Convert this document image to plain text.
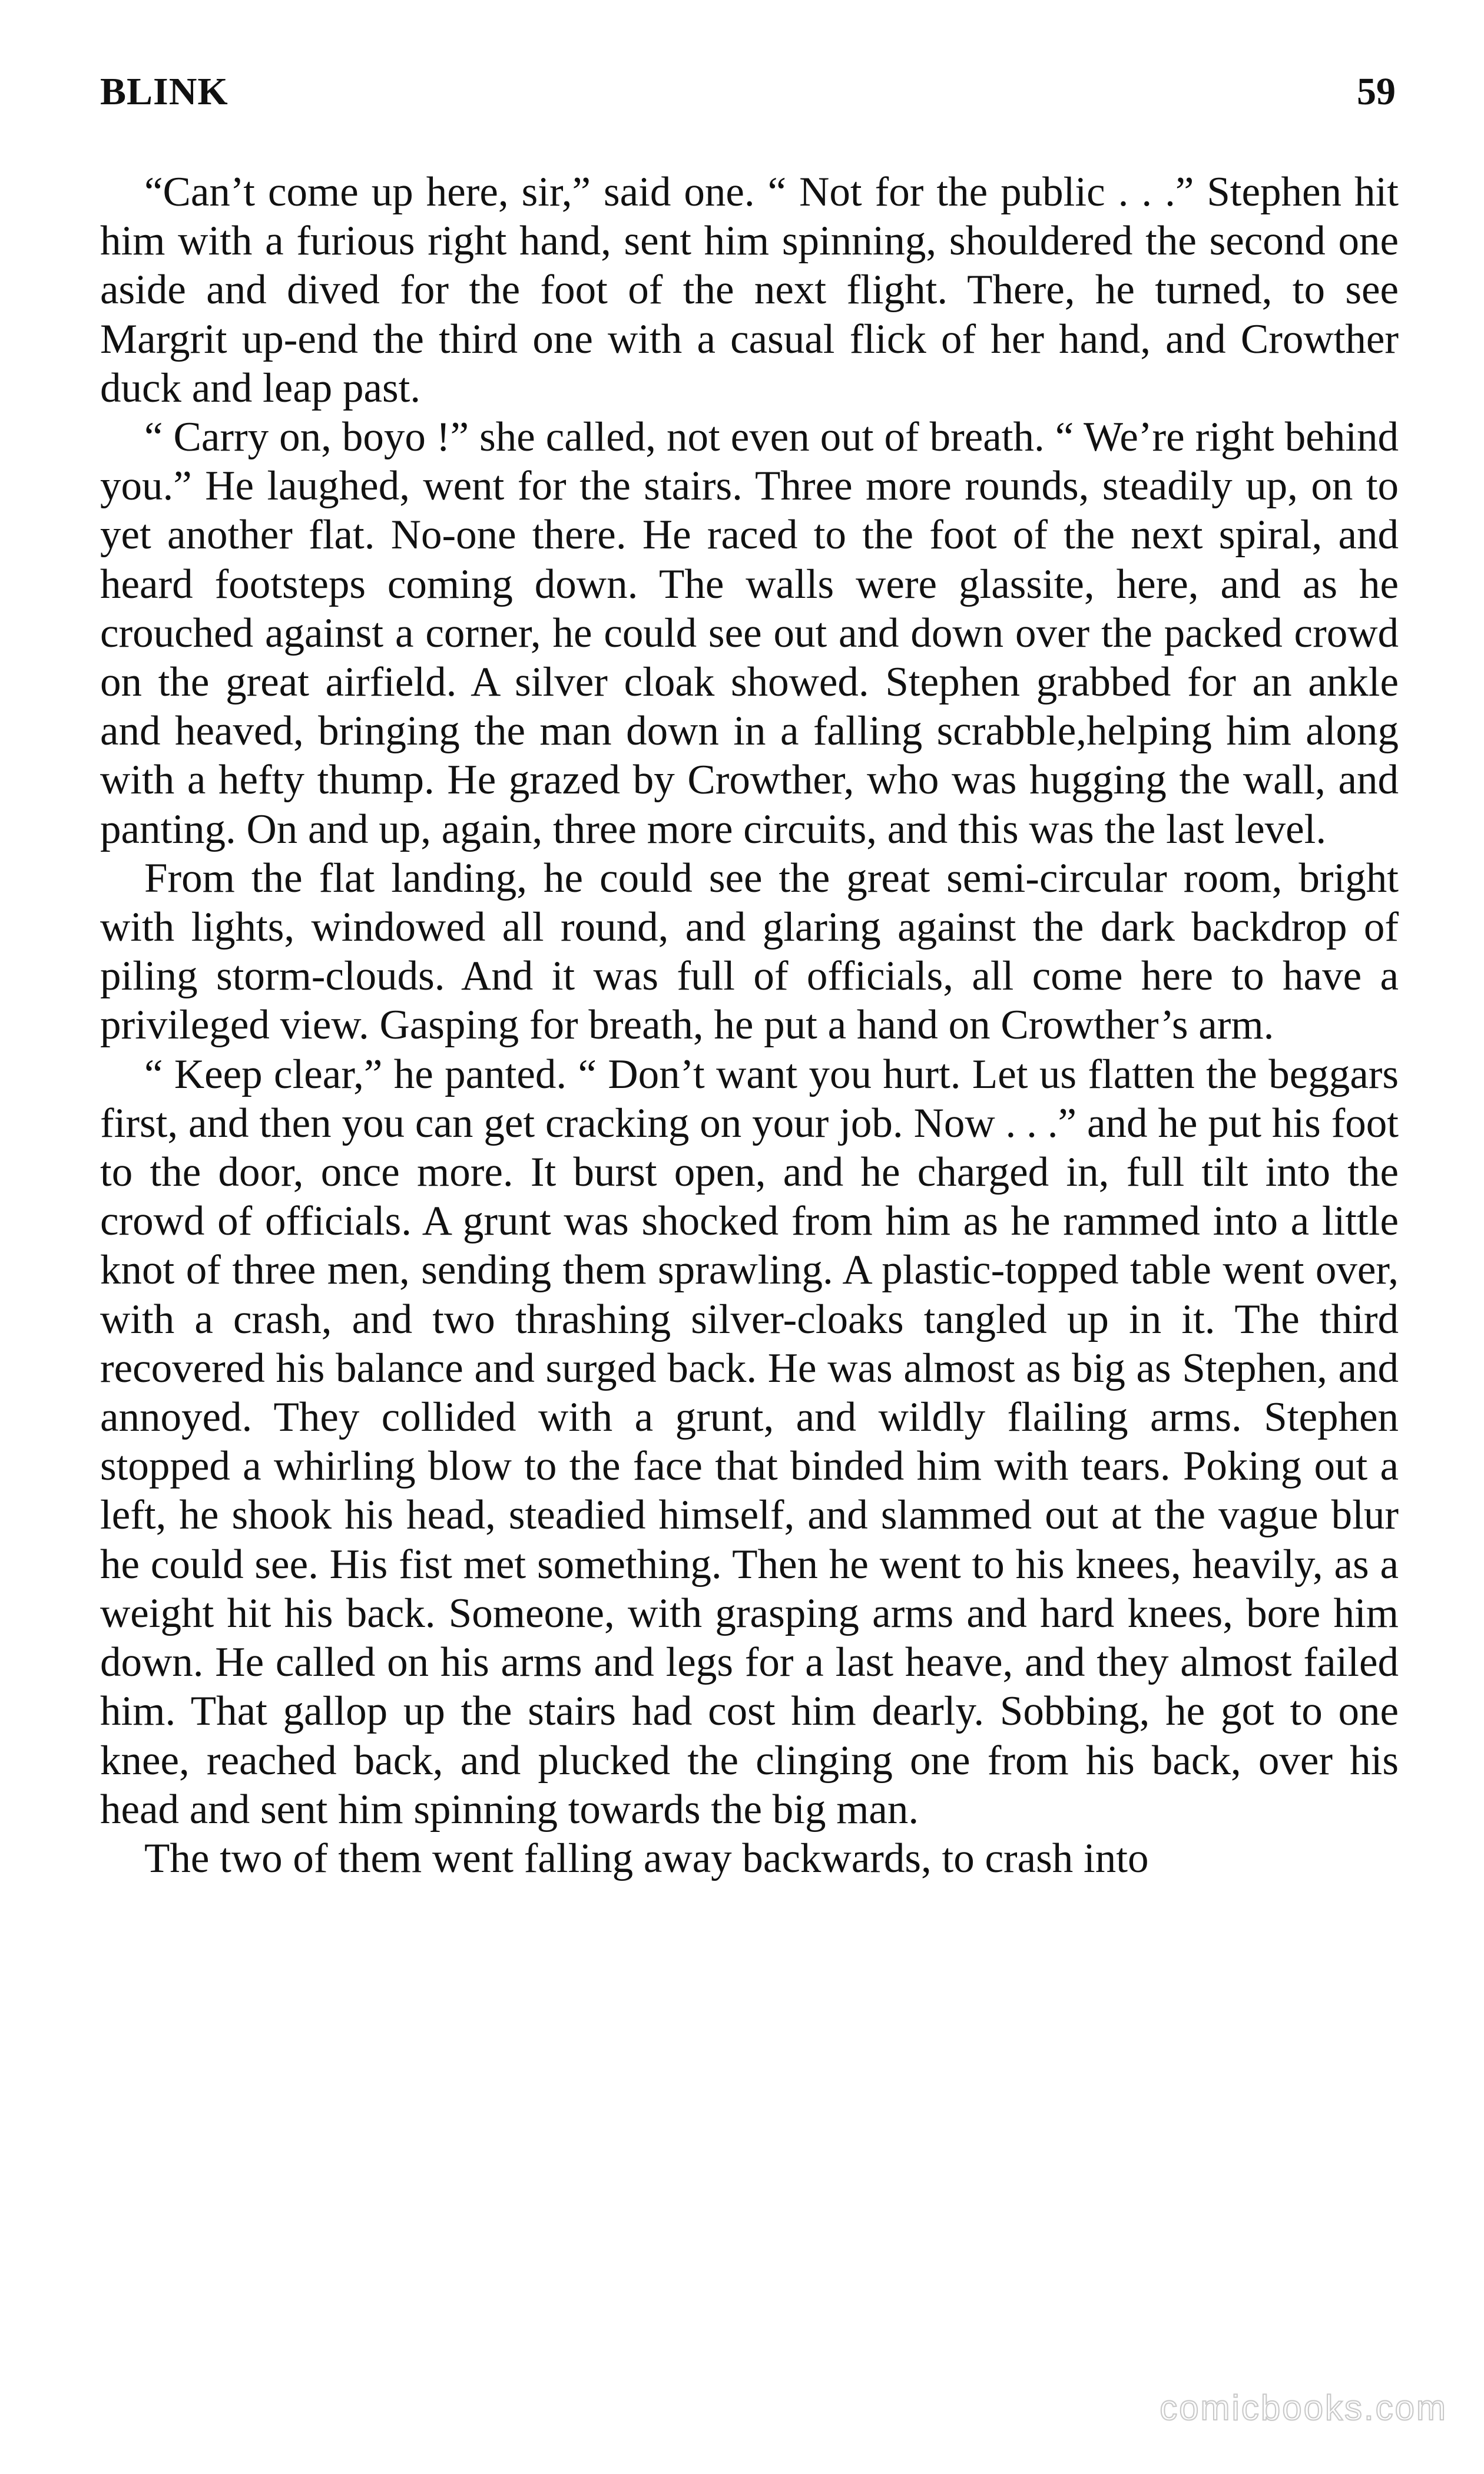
BLINK	59

“Can’t come up here, sir,” said one. “ Not for the public . . .” Stephen hit him with a furious right hand, sent him spinning, shouldered the second one aside and dived for the foot of the next flight. There, he turned, to see Margrit up-end the third one with a casual flick of her hand, and Crowther duck and leap past.

“ Carry on, boyo !” she called, not even out of breath. “ We’re right behind you.” He laughed, went for the stairs. Three more rounds, steadily up, on to yet another flat. No-one there. He raced to the foot of the next spiral, and heard footsteps coming down. The walls were glassite, here, and as he crouched against a corner, he could see out and down over the packed crowd on the great airfield. A silver cloak showed. Stephen grabbed for an ankle and heaved, bringing the man down in a falling scrabble,helping him along with a hefty thump. He grazed by Crowther, who was hugging the wall, and panting. On and up, again, three more circuits, and this was the last level.

From the flat landing, he could see the great semi-circular room, bright with lights, windowed all round, and glaring against the dark backdrop of piling storm-clouds. And it was full of officials, all come here to have a privileged view. Gasping for breath, he put a hand on Crowther’s arm.

“ Keep clear,” he panted. “ Don’t want you hurt. Let us flatten the beggars first, and then you can get cracking on your job. Now . . .” and he put his foot to the door, once more. It burst open, and he charged in, full tilt into the crowd of officials. A grunt was shocked from him as he rammed into a little knot of three men, sending them sprawling. A plastic-topped table went over, with a crash, and two thrashing silver-cloaks tangled up in it. The third recovered his balance and surged back. He was almost as big as Stephen, and annoyed. They collided with a grunt, and wildly flailing arms. Stephen stopped a whirling blow to the face that binded him with tears. Poking out a left, he shook his head, steadied himself, and slammed out at the vague blur he could see. His fist met something. Then he went to his knees, heavily, as a weight hit his back. Someone, with grasping arms and hard knees, bore him down. He called on his arms and legs for a last heave, and they almost failed him. That gallop up the stairs had cost him dearly. Sobbing, he got to one knee, reached back, and plucked the clinging one from his back, over his head and sent him spinning towards the big man.

The two of them went falling away backwards, to crash into

comicbooks.com
